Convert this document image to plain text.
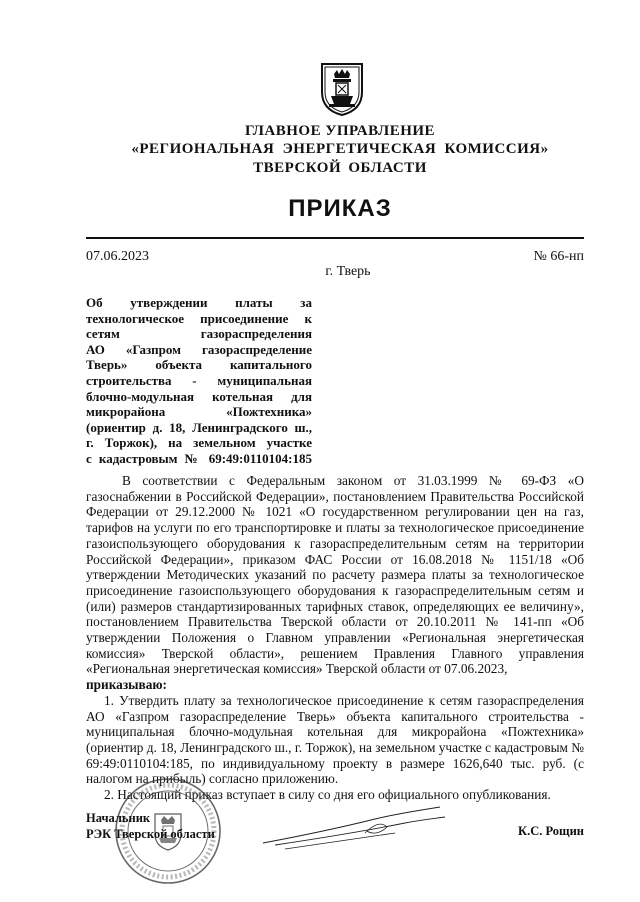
ГЛАВНОЕ УПРАВЛЕНИЕ
«РЕГИОНАЛЬНАЯ ЭНЕРГЕТИЧЕСКАЯ КОМИССИЯ»
ТВЕРСКОЙ ОБЛАСТИ
ПРИКАЗ
07.06.2023	№ 66-нп
г. Тверь
Об утверждении платы за
технологическое присоединение к
сетям газораспределения
АО «Газпром газораспределение
Тверь» объекта капитального
строительства - муниципальная
блочно-модульная котельная для
микрорайона «Пожтехника»
(ориентир д. 18, Ленинградского ш.,
г. Торжок), на земельном участке
с кадастровым № 69:49:0110104:185

В соответствии с Федеральным законом от 31.03.1999 № 69-ФЗ «О газоснабжении в Российской Федерации», постановлением Правительства Российской Федерации от 29.12.2000 № 1021 «О государственном регулировании цен на газ, тарифов на услуги по его транспортировке и платы за технологическое присоединение газоиспользующего оборудования к газораспределительным сетям на территории Российской Федерации», приказом ФАС России от 16.08.2018 № 1151/18 «Об утверждении Методических указаний по расчету размера платы за технологическое присоединение газоиспользующего оборудования к газораспределительным сетям и (или) размеров стандартизированных тарифных ставок, определяющих ее величину», постановлением Правительства Тверской области от 20.10.2011 № 141-пп «Об утверждении Положения о Главном управлении «Региональная энергетическая комиссия» Тверской области», решением Правления Главного управления «Региональная энергетическая комиссия» Тверской области от 07.06.2023,

приказываю:

1. Утвердить плату за технологическое присоединение к сетям газораспределения АО «Газпром газораспределение Тверь» объекта капитального строительства - муниципальная блочно-модульная котельная для микрорайона «Пожтехника» (ориентир д. 18, Ленинградского ш., г. Торжок), на земельном участке с кадастровым № 69:49:0110104:185, по индивидуальному проекту в размере 1626,640 тыс. руб. (с налогом на прибыль) согласно приложению.

2. Настоящий приказ вступает в силу со дня его официального опубликования.

Начальник
РЭК Тверской области	К.С. Рощин
